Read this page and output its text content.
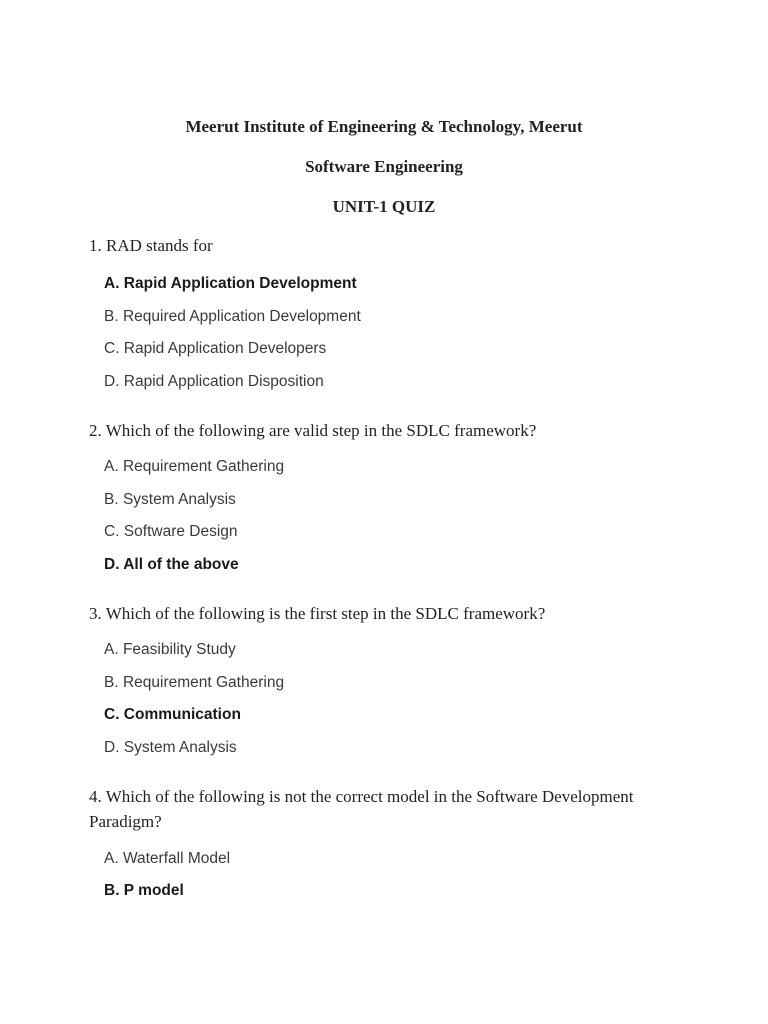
Meerut Institute of Engineering & Technology, Meerut
Software Engineering
UNIT-1 QUIZ
1. RAD stands for
A. Rapid Application Development
B. Required Application Development
C. Rapid Application Developers
D. Rapid Application Disposition
2. Which of the following are valid step in the SDLC framework?
A. Requirement Gathering
B. System Analysis
C. Software Design
D. All of the above
3. Which of the following is the first step in the SDLC framework?
A. Feasibility Study
B. Requirement Gathering
C. Communication
D. System Analysis
4. Which of the following is not the correct model in the Software Development Paradigm?
A. Waterfall Model
B. P model
